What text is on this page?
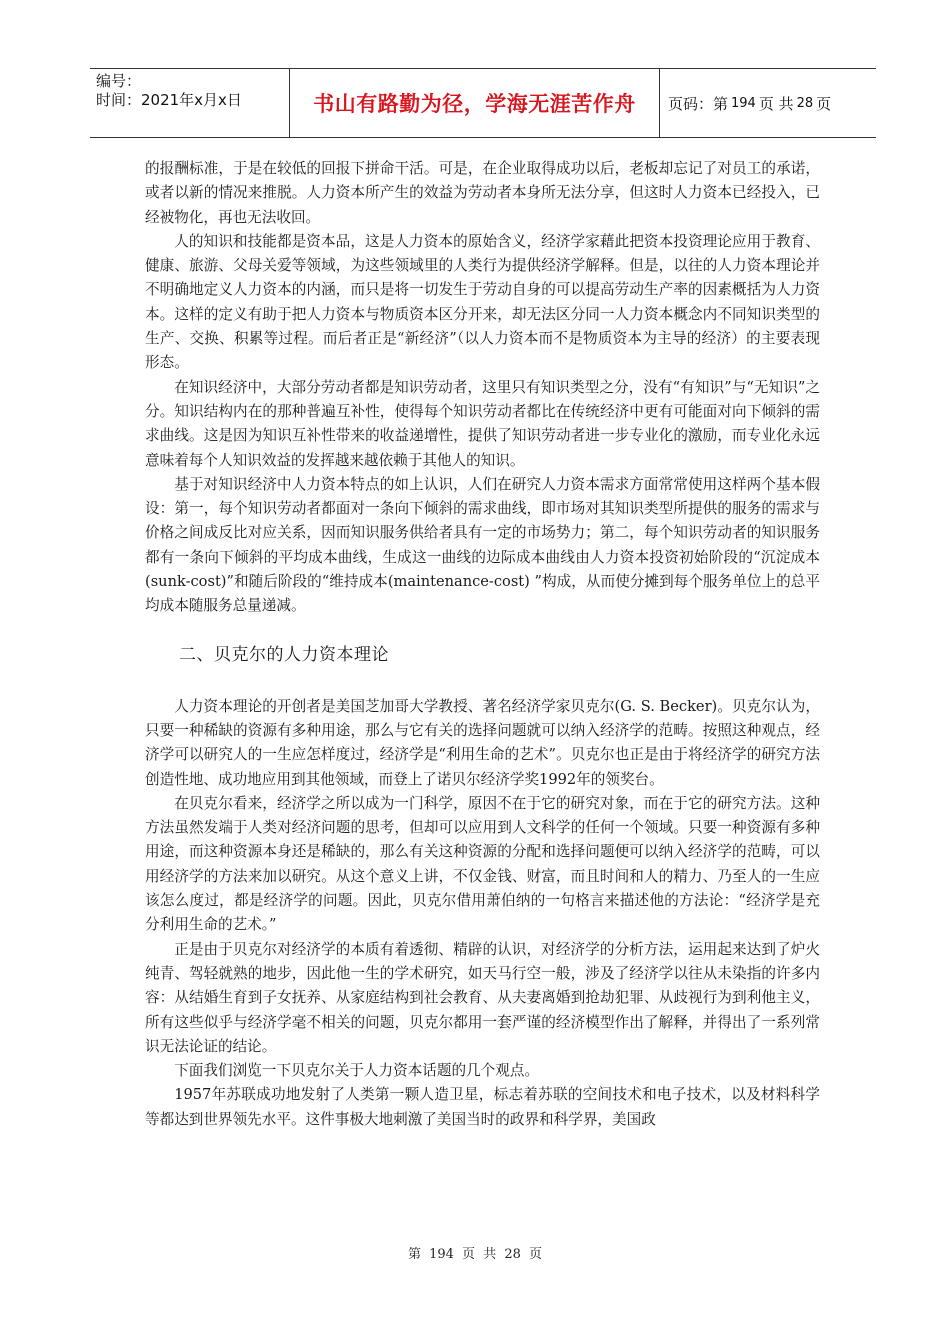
编号：
时间：2021年x月x日	书山有路勤为径，学海无涯苦作舟	页码：第 194 页 共 28 页

的报酬标准，于是在较低的回报下拼命干活。可是，在企业取得成功以后，老板却忘记了对员工的承诺，或者以新的情况来推脱。人力资本所产生的效益为劳动者本身所无法分享，但这时人力资本已经投入，已经被物化，再也无法收回。

人的知识和技能都是资本品，这是人力资本的原始含义，经济学家藉此把资本投资理论应用于教育、健康、旅游、父母关爱等领域，为这些领域里的人类行为提供经济学解释。但是，以往的人力资本理论并不明确地定义人力资本的内涵，而只是将一切发生于劳动自身的可以提高劳动生产率的因素概括为人力资本。这样的定义有助于把人力资本与物质资本区分开来，却无法区分同一人力资本概念内不同知识类型的生产、交换、积累等过程。而后者正是“新经济”（以人力资本而不是物质资本为主导的经济）的主要表现形态。

在知识经济中，大部分劳动者都是知识劳动者，这里只有知识类型之分，没有“有知识”与“无知识”之分。知识结构内在的那种普遍互补性，使得每个知识劳动者都比在传统经济中更有可能面对向下倾斜的需求曲线。这是因为知识互补性带来的收益递增性，提供了知识劳动者进一步专业化的激励，而专业化永远意味着每个人知识效益的发挥越来越依赖于其他人的知识。

基于对知识经济中人力资本特点的如上认识，人们在研究人力资本需求方面常常使用这样两个基本假设：第一，每个知识劳动者都面对一条向下倾斜的需求曲线，即市场对其知识类型所提供的服务的需求与价格之间成反比对应关系，因而知识服务供给者具有一定的市场势力；第二，每个知识劳动者的知识服务都有一条向下倾斜的平均成本曲线，生成这一曲线的边际成本曲线由人力资本投资初始阶段的“沉淀成本(sunk-cost)”和随后阶段的“维持成本(maintenance-cost) ”构成，从而使分摊到每个服务单位上的总平均成本随服务总量递减。

二、贝克尔的人力资本理论

人力资本理论的开创者是美国芝加哥大学教授、著名经济学家贝克尔(G. S. Becker)。贝克尔认为，只要一种稀缺的资源有多种用途，那么与它有关的选择问题就可以纳入经济学的范畴。按照这种观点，经济学可以研究人的一生应怎样度过，经济学是“利用生命的艺术”。贝克尔也正是由于将经济学的研究方法创造性地、成功地应用到其他领域，而登上了诺贝尔经济学奖1992年的领奖台。

在贝克尔看来，经济学之所以成为一门科学，原因不在于它的研究对象，而在于它的研究方法。这种方法虽然发端于人类对经济问题的思考，但却可以应用到人文科学的任何一个领域。只要一种资源有多种用途，而这种资源本身还是稀缺的，那么有关这种资源的分配和选择问题便可以纳入经济学的范畴，可以用经济学的方法来加以研究。从这个意义上讲，不仅金钱、财富，而且时间和人的精力、乃至人的一生应该怎么度过，都是经济学的问题。因此，贝克尔借用萧伯纳的一句格言来描述他的方法论：“经济学是充分利用生命的艺术。”

正是由于贝克尔对经济学的本质有着透彻、精辟的认识，对经济学的分析方法，运用起来达到了炉火纯青、驾轻就熟的地步，因此他一生的学术研究，如天马行空一般，涉及了经济学以往从未染指的许多内容：从结婚生育到子女抚养、从家庭结构到社会教育、从夫妻离婚到抢劫犯罪、从歧视行为到利他主义，所有这些似乎与经济学毫不相关的问题，贝克尔都用一套严谨的经济模型作出了解释，并得出了一系列常识无法论证的结论。

下面我们浏览一下贝克尔关于人力资本话题的几个观点。

1957年苏联成功地发射了人类第一颗人造卫星，标志着苏联的空间技术和电子技术，以及材料科学等都达到世界领先水平。这件事极大地刺激了美国当时的政界和科学界，美国政

第 194 页 共 28 页
